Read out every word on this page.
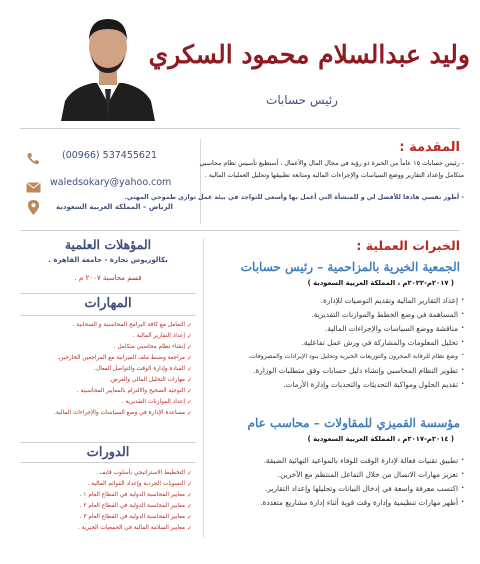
وليد عبدالسلام محمود السكري
رئيس حسابات
(00966) 537455621
waledsokary@yahoo.com
الرياض – المملكة العربية السعودية
المقدمة :
- رئيس حسابات ١٥ عاماً من الخبرة ذو رؤية في مجال المال والأعمال ، أستطيع تأسيس نظام محاسبي
متكامل وإعداد التقارير ووضع السياسات والإجراءات المالية ومتابعة تطبيقها وتحليل العمليات المالية .
- أطور نفسي هادفا للأفضل لي و للمنشأة التي أعمل بها وأسعى للتواجد في بيئة عمل توازي طموحي المهني.
المؤهلات العلمية
بكالوريوس تجارة - جامعة القاهرة .
قسم محاسبة ٢٠٠٧ م .
المهارات
✓ التعامل مع كافة البرامج المحاسبية و السحابية .
✓ إعداد التقارير المالية .
✓ إنشاء نظام محاسبي متكامل .
✓ مراجعة وضبط ملف الميزانية مع المراجعين الخارجين.
✓ القيادة وإدارة الوقت والتواصل الفعال.
✓ مهارات التحليل المالي والعرض.
✓ التوجيه الصحيح والالتزام بالمعايير المحاسبية .
✓ إعداد الموازنات التقديرية .
✓ مساعدة الإدارة في وضع السياسات والإجراءات المالية.
الدورات
✓ التخطيط الاستراتيجي بأسلوب فايف .
✓ التسويات الجردية وإعداد القوائم المالية .
✓ معايير المحاسبة الدولية في القطاع العام ١ .
✓ معايير المحاسبة الدولية في القطاع العام ٢ .
✓ معايير المحاسبة الدولية في القطاع العام ٣ .
✓ معايير السلامة المالية في الجمعيات الخيرية .
الخبرات العملية :
الجمعية الخيرية بالمزاحمية – رئيس حسابات
( ٢٠١٧م-٢٠٢٢م ، المملكة العربية السعودية )
. إعداد التقارير المالية وتقديم التوصيات للإدارة.
. المساهمة في وضع الخطط والموازنات التقديرية.
. مناقشة ووضع السياسات والإجراءات المالية.
. تحليل المعلومات والمشاركة في ورش عمل تفاعلية.
. وضع نظام للرقابة المخزون والتوزيعات الخيرية وتحليل بنود الإيرادات والمصروفات.
. تطوير النظام المحاسبي وإنشاء دليل حسابات وفق متطلبات الوزارة.
. تقديم الحلول ومواكبة التحديثات والتحديات وإدارة الأزمات.
مؤسسة القميزي للمقاولات – محاسب عام
( ٢٠١٤م-٢٠١٧م ، المملكة العربية السعودية )
. تطبيق تقنيات فعالة لإدارة الوقت للوفاء بالمواعيد النهائية الضيقة.
. تعزيز مهارات الاتصال من خلال التفاعل المنتظم مع الآخرين.
. اكتسب معرفة واسعة في إدخال البيانات وتحليلها وإعداد التقارير.
. أظهر مهارات تنظيمية وإدارة وقت قوية أثناء إدارة مشاريع متعددة.
